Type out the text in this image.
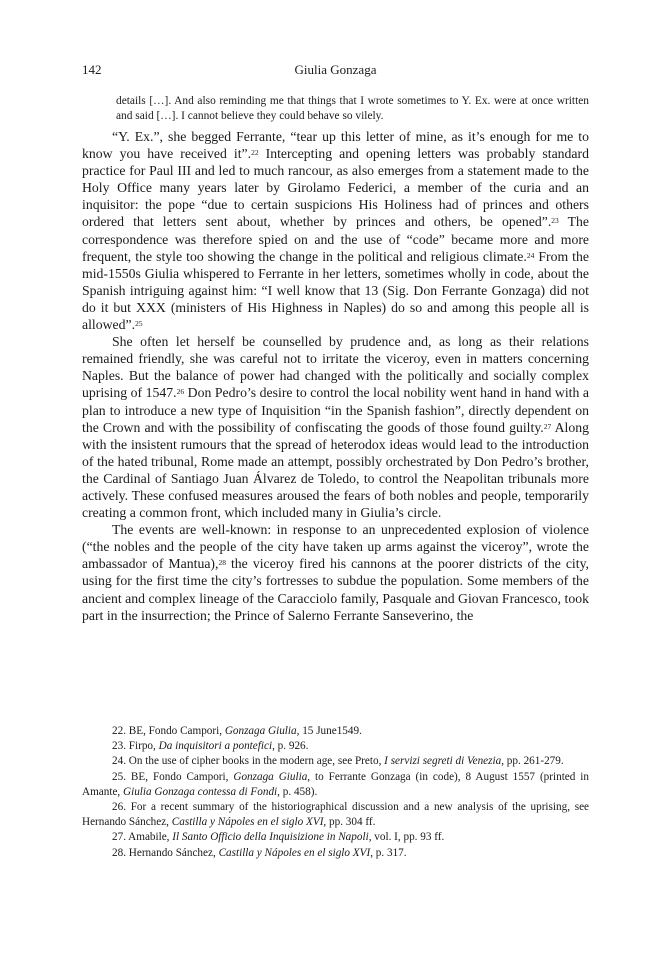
142	Giulia Gonzaga
details […]. And also reminding me that things that I wrote sometimes to Y. Ex. were at once written and said […]. I cannot believe they could behave so vilely.

“Y. Ex.”, she begged Ferrante, “tear up this letter of mine, as it’s enough for me to know you have received it”.$^{22}$ Intercepting and opening letters was probably standard practice for Paul III and led to much rancour, as also emerges from a statement made to the Holy Office many years later by Girolamo Federici, a member of the curia and an inquisitor: the pope “due to certain suspicions His Holiness had of princes and others ordered that letters sent about, whether by princes and others, be opened”.$^{23}$ The correspondence was therefore spied on and the use of “code” became more and more frequent, the style too showing the change in the political and religious climate.$^{24}$ From the mid-1550s Giulia whispered to Ferrante in her letters, sometimes wholly in code, about the Spanish intriguing against him: “I well know that 13 (Sig. Don Ferrante Gonzaga) did not do it but XXX (ministers of His Highness in Naples) do so and among this people all is allowed”.$^{25}$

She often let herself be counselled by prudence and, as long as their relations remained friendly, she was careful not to irritate the viceroy, even in matters concerning Naples. But the balance of power had changed with the politically and socially complex uprising of 1547.26 Don Pedro’s desire to control the local nobility went hand in hand with a plan to introduce a new type of Inquisition “in the Spanish fashion”, directly dependent on the Crown and with the possibility of confiscating the goods of those found guilty.$^{27}$ Along with the insistent rumours that the spread of heterodox ideas would lead to the introduction of the hated tribunal, Rome made an attempt, possibly orchestrated by Don Pedro’s brother, the Cardinal of Santiago Juan Álvarez de Toledo, to control the Neapolitan tribunals more actively. These confused measures aroused the fears of both nobles and people, temporarily creating a common front, which included many in Giulia’s circle.

The events are well-known: in response to an unprecedented explosion of violence (“the nobles and the people of the city have taken up arms against the viceroy”, wrote the ambassador of Mantua),$^{28}$ the viceroy fired his cannons at the poorer districts of the city, using for the first time the city’s fortresses to subdue the population. Some members of the ancient and complex lineage of the Caracciolo family, Pasquale and Giovan Francesco, took part in the insurrection; the Prince of Salerno Ferrante Sanseverino, the

22. BE, Fondo Campori, Gonzaga Giulia, 15 June1549.

23. Firpo, Da inquisitori a pontefici, p. 926.

24. On the use of cipher books in the modern age, see Preto, I servizi segreti di Venezia, pp. 261-279.

25. BE, Fondo Campori, Gonzaga Giulia, to Ferrante Gonzaga (in code), 8 August 1557 (printed in Amante, Giulia Gonzaga contessa di Fondi, p. 458).

26. For a recent summary of the historiographical discussion and a new analysis of the uprising, see Hernando Sánchez, Castilla y Nápoles en el siglo XVI, pp. 304 ff.

27. Amabile, Il Santo Officio della Inquisizione in Napoli, vol. I, pp. 93 ff.

28. Hernando Sánchez, Castilla y Nápoles en el siglo XVI, p. 317.
